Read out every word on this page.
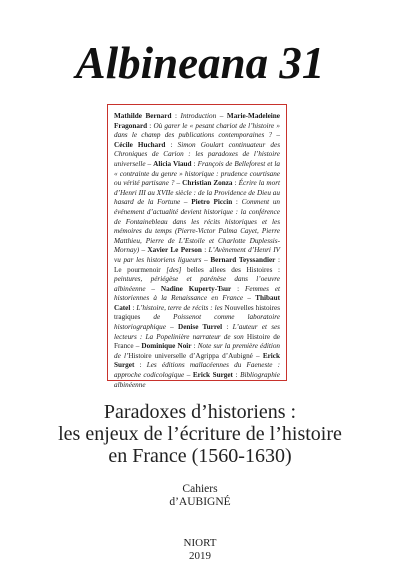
Albineana 31
Mathilde Bernard : Introduction – Marie-Madeleine Fragonard : Où garer le « pesant chariot de l’histoire » dans le champ des publications contemporaines ? – Cécile Huchard : Simon Goulart continuateur des Chroniques de Carion : les paradoxes de l’histoire universelle – Alicia Viaud : François de Belleforest et la « contrainte du genre » historique : prudence courtisane ou vérité partisane ? – Christian Zonza : Écrire la mort d’Henri III au XVIIe siècle : de la Providence de Dieu au hasard de la Fortune – Pietro Piccin : Comment un événement d’actualité devient historique : la conférence de Fontainebleau dans les récits historiques et les mémoires du temps (Pierre-Victor Palma Cayet, Pierre Matthieu, Pierre de L’Estoile et Charlotte Duplessis-Mornay) – Xavier Le Person : L’Avènement d’Henri IV vu par les historiens ligueurs – Bernard Teyssandier : Le pourmenoir [des] belles allees des Histoires : peintures, périégèse et parénèse dans l’oeuvre albinéenne – Nadine Kuperty-Tsur : Femmes et historiennes à la Renaissance en France – Thibaut Catel : L’histoire, terre de récits : les Nouvelles histoires tragiques de Poissenot comme laboratoire historiographique – Denise Turrel : L’auteur et ses lecteurs : La Popelinière narrateur de son Histoire de France – Dominique Noir : Note sur la première édition de l’Histoire universelle d’Agrippa d’Aubigné – Erick Surget : Les éditions mallacéennes du Faeneste : approche codicologique – Erick Surget : Bibliographie albinéenne
Paradoxes d’historiens :
les enjeux de l’écriture de l’histoire
en France (1560-1630)
Cahiers
d’AUBIGNÉ
NIORT
2019
